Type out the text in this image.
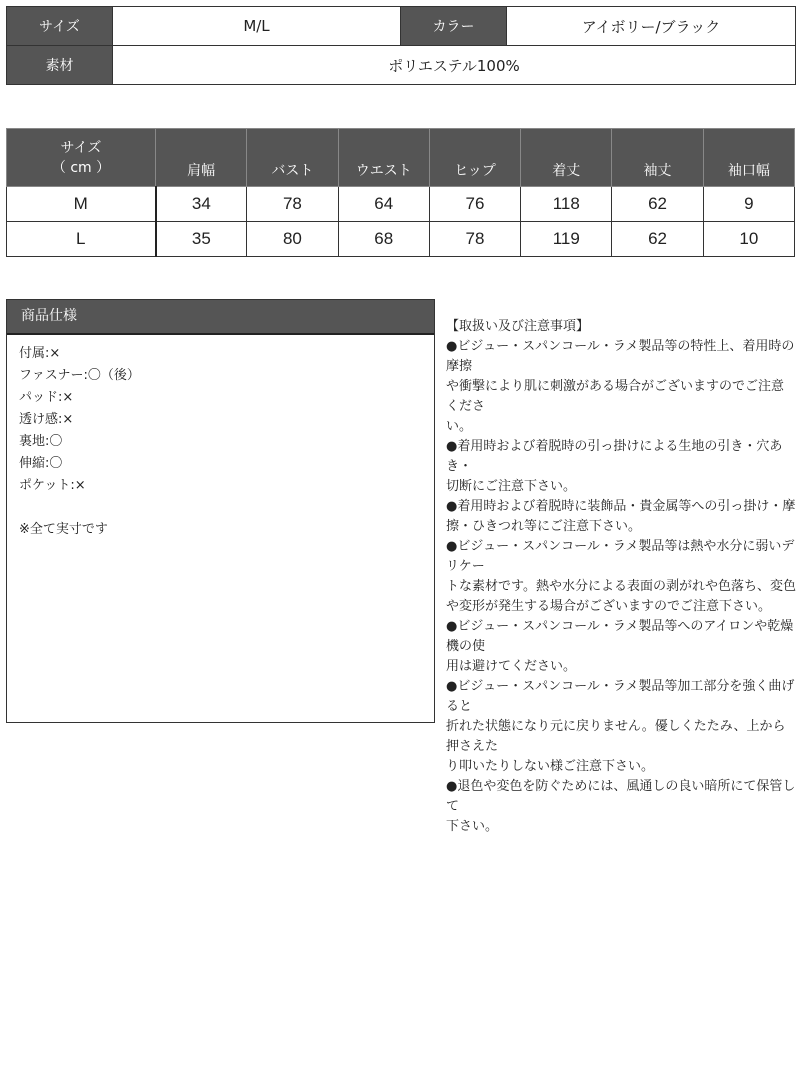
サイズ	M/L	カラー	アイボリー/ブラック
素材	ポリエステル100%		
サイズ
（ cm ）	肩幅	バスト	ウエスト	ヒップ	着丈	袖丈	袖口幅
M	34	78	64	76	118	62	9
L	35	80	68	78	119	62	10
商品仕様
付属:×
ファスナー:〇（後）
パッド:×
透け感:×
裏地:〇
伸縮:〇
ポケット:×
※全て実寸です
【取扱い及び注意事項】
●ビジュー・スパンコール・ラメ製品等の特性上、着用時の摩擦
や衝撃により肌に刺激がある場合がございますのでご注意くださ
い。
●着用時および着脱時の引っ掛けによる生地の引き・穴あき・
切断にご注意下さい。
●着用時および着脱時に装飾品・貴金属等への引っ掛け・摩
擦・ひきつれ等にご注意下さい。
●ビジュー・スパンコール・ラメ製品等は熱や水分に弱いデリケー
トな素材です。熱や水分による表面の剥がれや色落ち、変色
や変形が発生する場合がございますのでご注意下さい。
●ビジュー・スパンコール・ラメ製品等へのアイロンや乾燥機の使
用は避けてください。
●ビジュー・スパンコール・ラメ製品等加工部分を強く曲げると
折れた状態になり元に戻りません。優しくたたみ、上から押さえた
り叩いたりしない様ご注意下さい。
●退色や変色を防ぐためには、風通しの良い暗所にて保管して
下さい。
